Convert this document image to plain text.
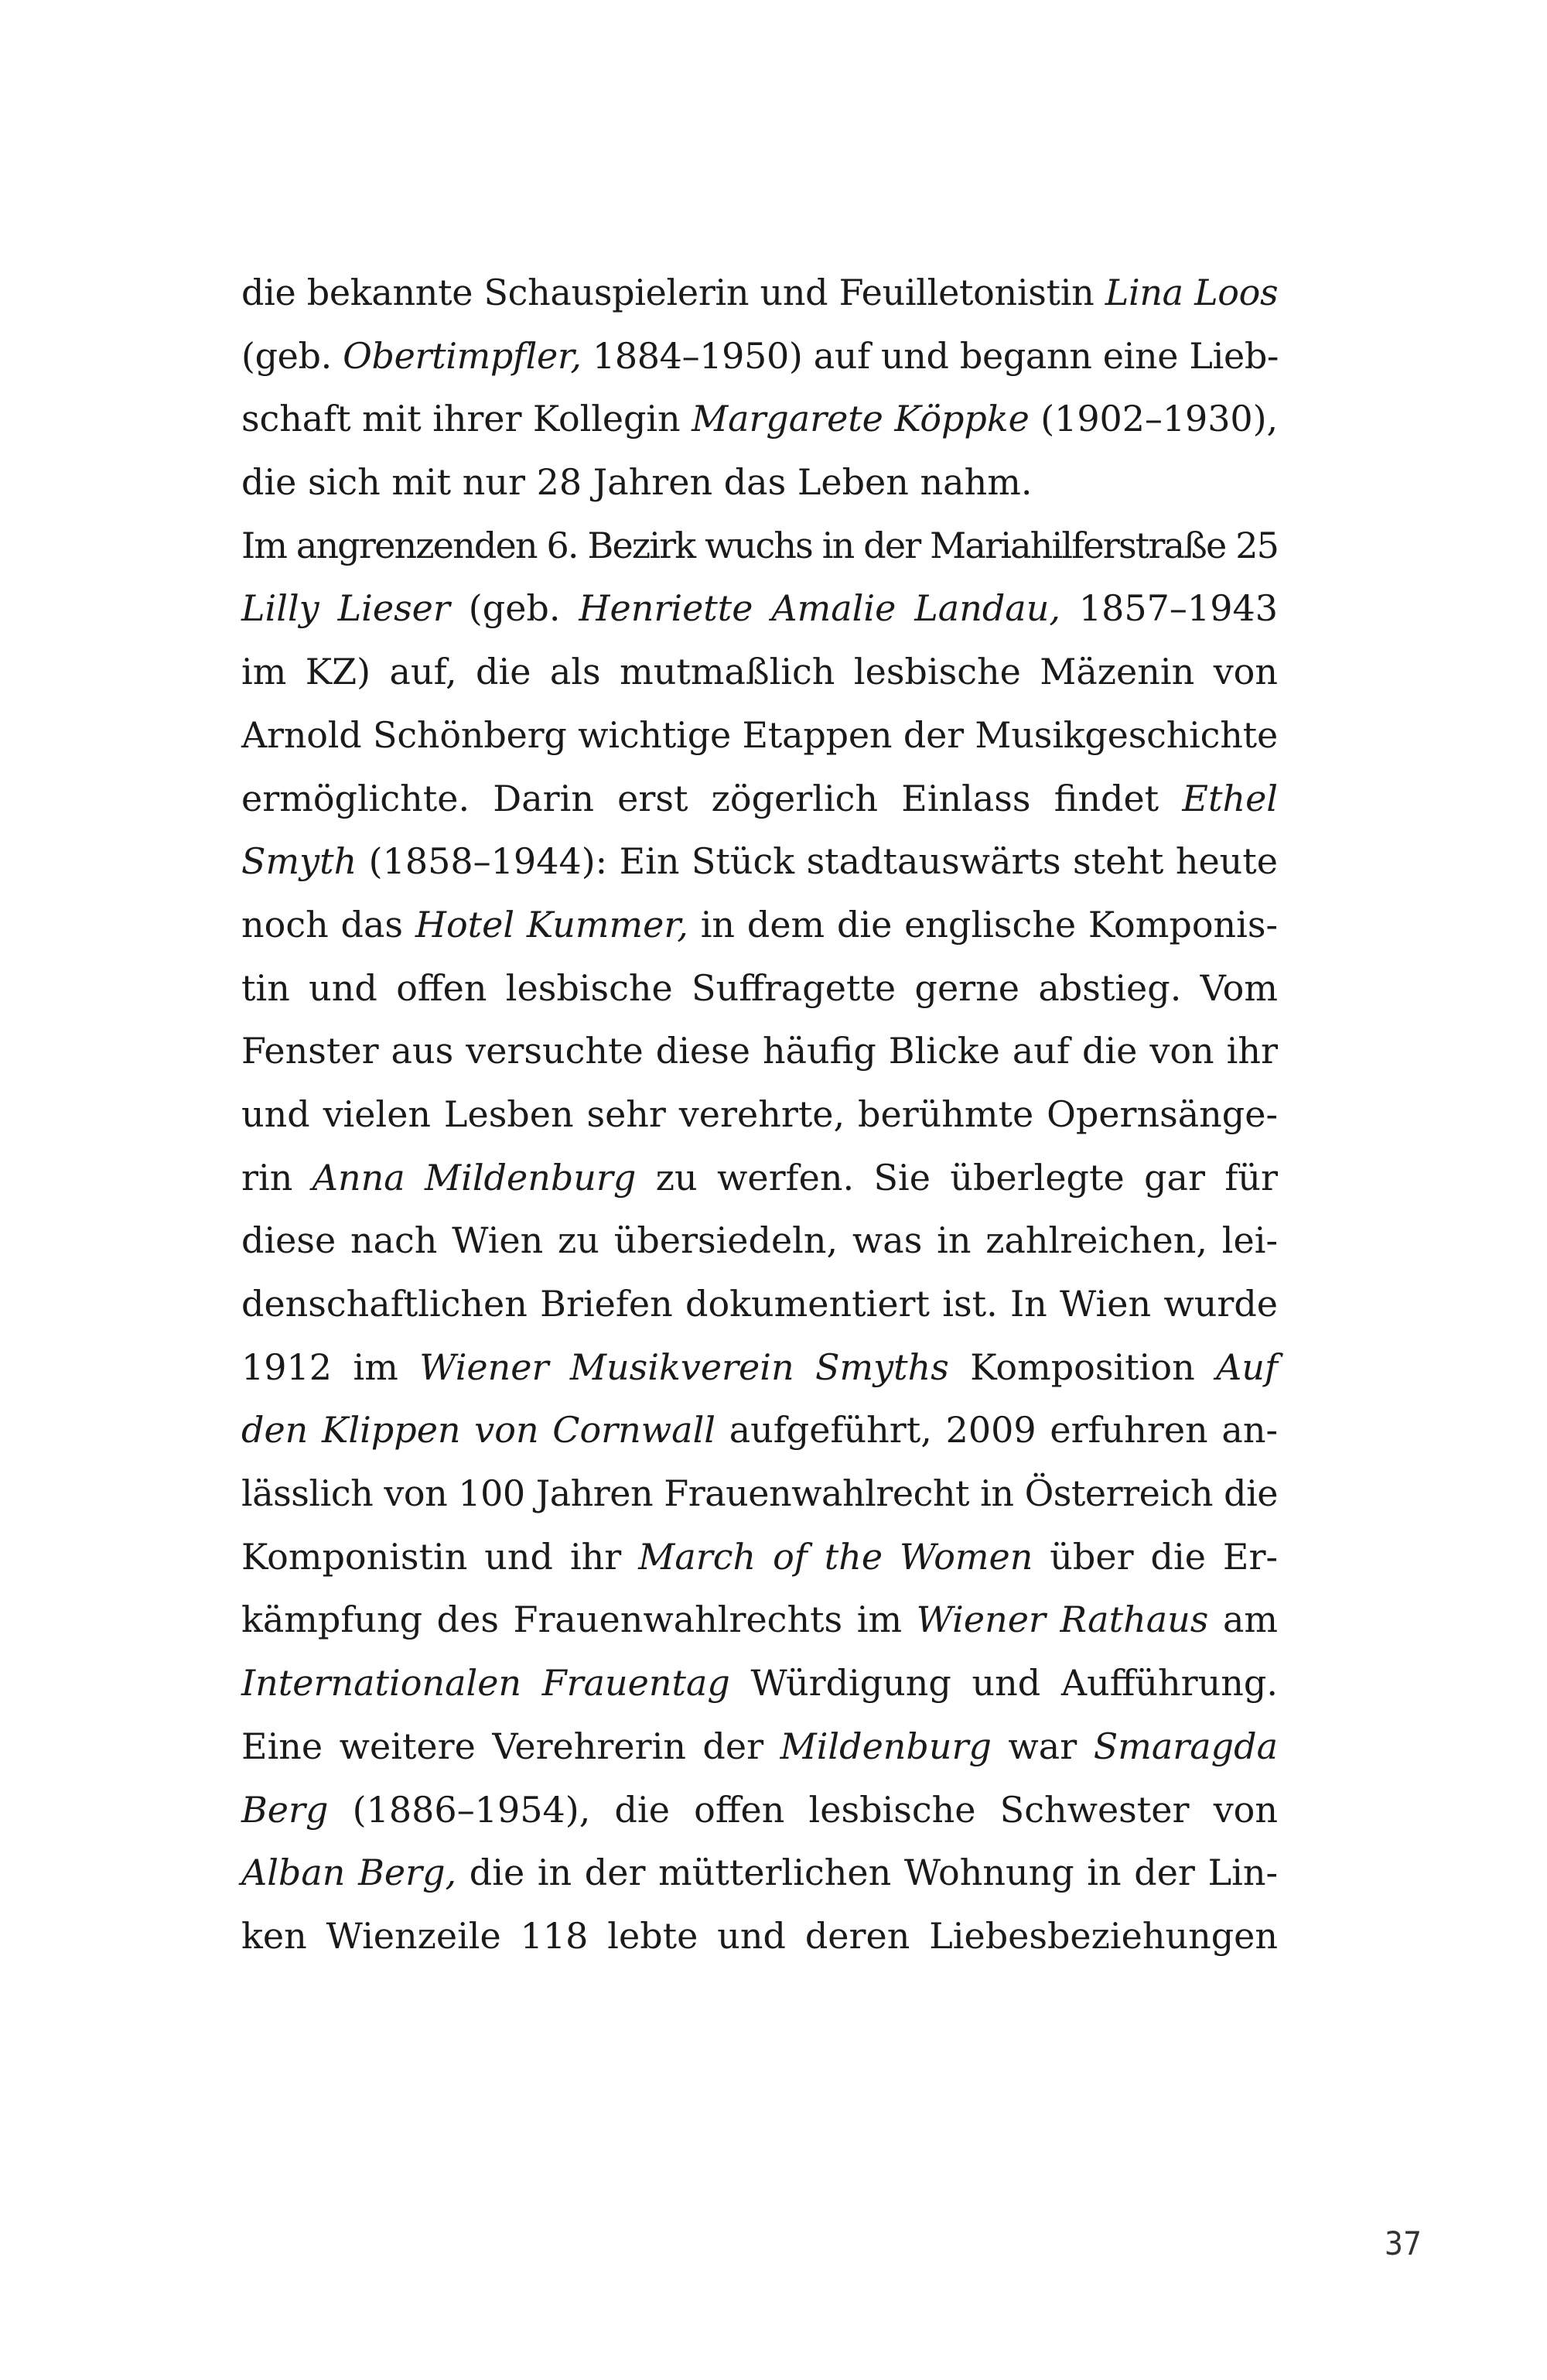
die bekannte Schauspielerin und Feuilletonistin Lina Loos
(geb. Obertimpfler, 1884–1950) auf und begann eine Lieb-
schaft mit ihrer Kollegin Margarete Köppke (1902–1930),
die sich mit nur 28 Jahren das Leben nahm.
Im angrenzenden 6. Bezirk wuchs in der Mariahilferstraße 25
Lilly Lieser (geb. Henriette Amalie Landau, 1857–1943
im KZ) auf, die als mutmaßlich lesbische Mäzenin von
Arnold Schönberg wichtige Etappen der Musikgeschichte
ermöglichte. Darin erst zögerlich Einlass findet Ethel
Smyth (1858–1944): Ein Stück stadtauswärts steht heute
noch das Hotel Kummer, in dem die englische Komponis-
tin und offen lesbische Suffragette gerne abstieg. Vom
Fenster aus versuchte diese häufig Blicke auf die von ihr
und vielen Lesben sehr verehrte, berühmte Opernsänge-
rin Anna Mildenburg zu werfen. Sie überlegte gar für
diese nach Wien zu übersiedeln, was in zahlreichen, lei-
denschaftlichen Briefen dokumentiert ist. In Wien wurde
1912 im Wiener Musikverein Smyths Komposition Auf
den Klippen von Cornwall aufgeführt, 2009 erfuhren an-
lässlich von 100 Jahren Frauenwahlrecht in Österreich die
Komponistin und ihr March of the Women über die Er-
kämpfung des Frauenwahlrechts im Wiener Rathaus am
Internationalen Frauentag Würdigung und Aufführung.
Eine weitere Verehrerin der Mildenburg war Smaragda
Berg (1886–1954), die offen lesbische Schwester von
Alban Berg, die in der mütterlichen Wohnung in der Lin-
ken Wienzeile 118 lebte und deren Liebesbeziehungen
37
